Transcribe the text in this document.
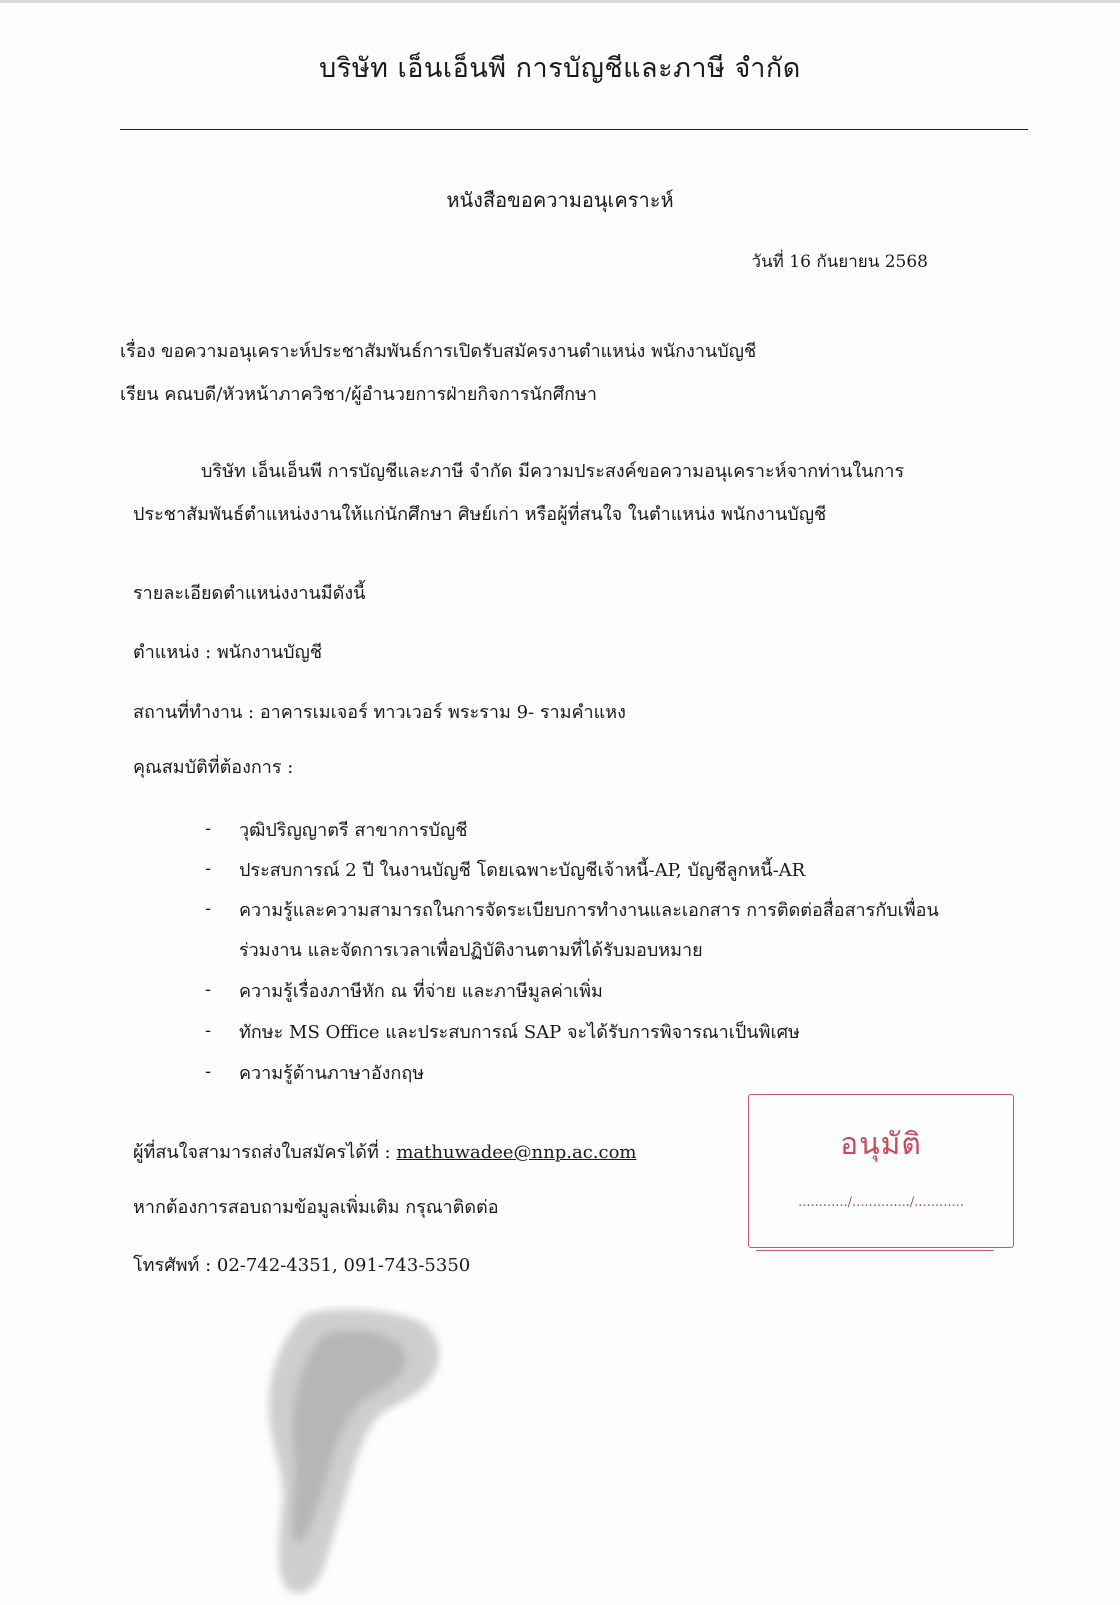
บริษัท เอ็นเอ็นพี การบัญชีและภาษี จำกัด
หนังสือขอความอนุเคราะห์
วันที่ 16 กันยายน 2568
เรื่อง ขอความอนุเคราะห์ประชาสัมพันธ์การเปิดรับสมัครงานตำแหน่ง พนักงานบัญชี
เรียน คณบดี/หัวหน้าภาควิชา/ผู้อำนวยการฝ่ายกิจการนักศึกษา
บริษัท เอ็นเอ็นพี การบัญชีและภาษี จำกัด มีความประสงค์ขอความอนุเคราะห์จากท่านในการ
ประชาสัมพันธ์ตำแหน่งงานให้แก่นักศึกษา ศิษย์เก่า หรือผู้ที่สนใจ ในตำแหน่ง พนักงานบัญชี
รายละเอียดตำแหน่งงานมีดังนี้
ตำแหน่ง : พนักงานบัญชี
สถานที่ทำงาน : อาคารเมเจอร์ ทาวเวอร์ พระราม 9- รามคำแหง
คุณสมบัติที่ต้องการ :
- วุฒิปริญญาตรี สาขาการบัญชี
- ประสบการณ์ 2 ปี ในงานบัญชี โดยเฉพาะบัญชีเจ้าหนี้-AP, บัญชีลูกหนี้-AR
- ความรู้และความสามารถในการจัดระเบียบการทำงานและเอกสาร การติดต่อสื่อสารกับเพื่อน
ร่วมงาน และจัดการเวลาเพื่อปฏิบัติงานตามที่ได้รับมอบหมาย
- ความรู้เรื่องภาษีหัก ณ ที่จ่าย และภาษีมูลค่าเพิ่ม
- ทักษะ MS Office และประสบการณ์ SAP จะได้รับการพิจารณาเป็นพิเศษ
- ความรู้ด้านภาษาอังกฤษ
ผู้ที่สนใจสามารถส่งใบสมัครได้ที่ : mathuwadee@nnp.ac.com
หากต้องการสอบถามข้อมูลเพิ่มเติม กรุณาติดต่อ
โทรศัพท์ : 02-742-4351, 091-743-5350
อนุมัติ
............/............../............
